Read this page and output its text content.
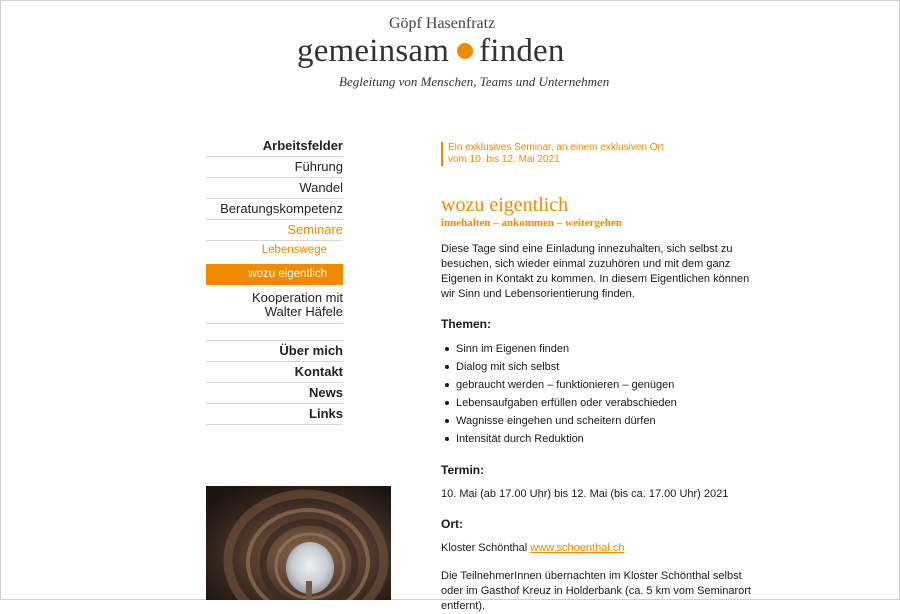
Göpf Hasenfratz
gemeinsam finden
Begleitung von Menschen, Teams und Unternehmen
Arbeitsfelder
Führung
Wandel
Beratungskompetenz
Seminare
Lebenswege
wozu eigentlich
Kooperation mit
Walter Häfele
Über mich
Kontakt
News
Links
Ein exklusives Seminar, an einem exklusiven Ort
vom 10. bis 12. Mai 2021
wozu eigentlich
innehalten – ankommen – weitergehen
Diese Tage sind eine Einladung innezuhalten, sich selbst zu besuchen, sich wieder einmal zuzuhören und mit dem ganz Eigenen in Kontakt zu kommen. In diesem Eigentlichen können wir Sinn und Lebensorientierung finden.
Themen:
Sinn im Eigenen finden
Dialog mit sich selbst
gebraucht werden – funktionieren – genügen
Lebensaufgaben erfüllen oder verabschieden
Wagnisse eingehen und scheitern dürfen
Intensität durch Reduktion
Termin:
10. Mai (ab 17.00 Uhr) bis 12. Mai (bis ca. 17.00 Uhr) 2021
Ort:
Kloster Schönthal www.schoenthal.ch
Die TeilnehmerInnen übernachten im Kloster Schönthal selbst oder im Gasthof Kreuz in Holderbank (ca. 5 km vom Seminarort entfernt).
